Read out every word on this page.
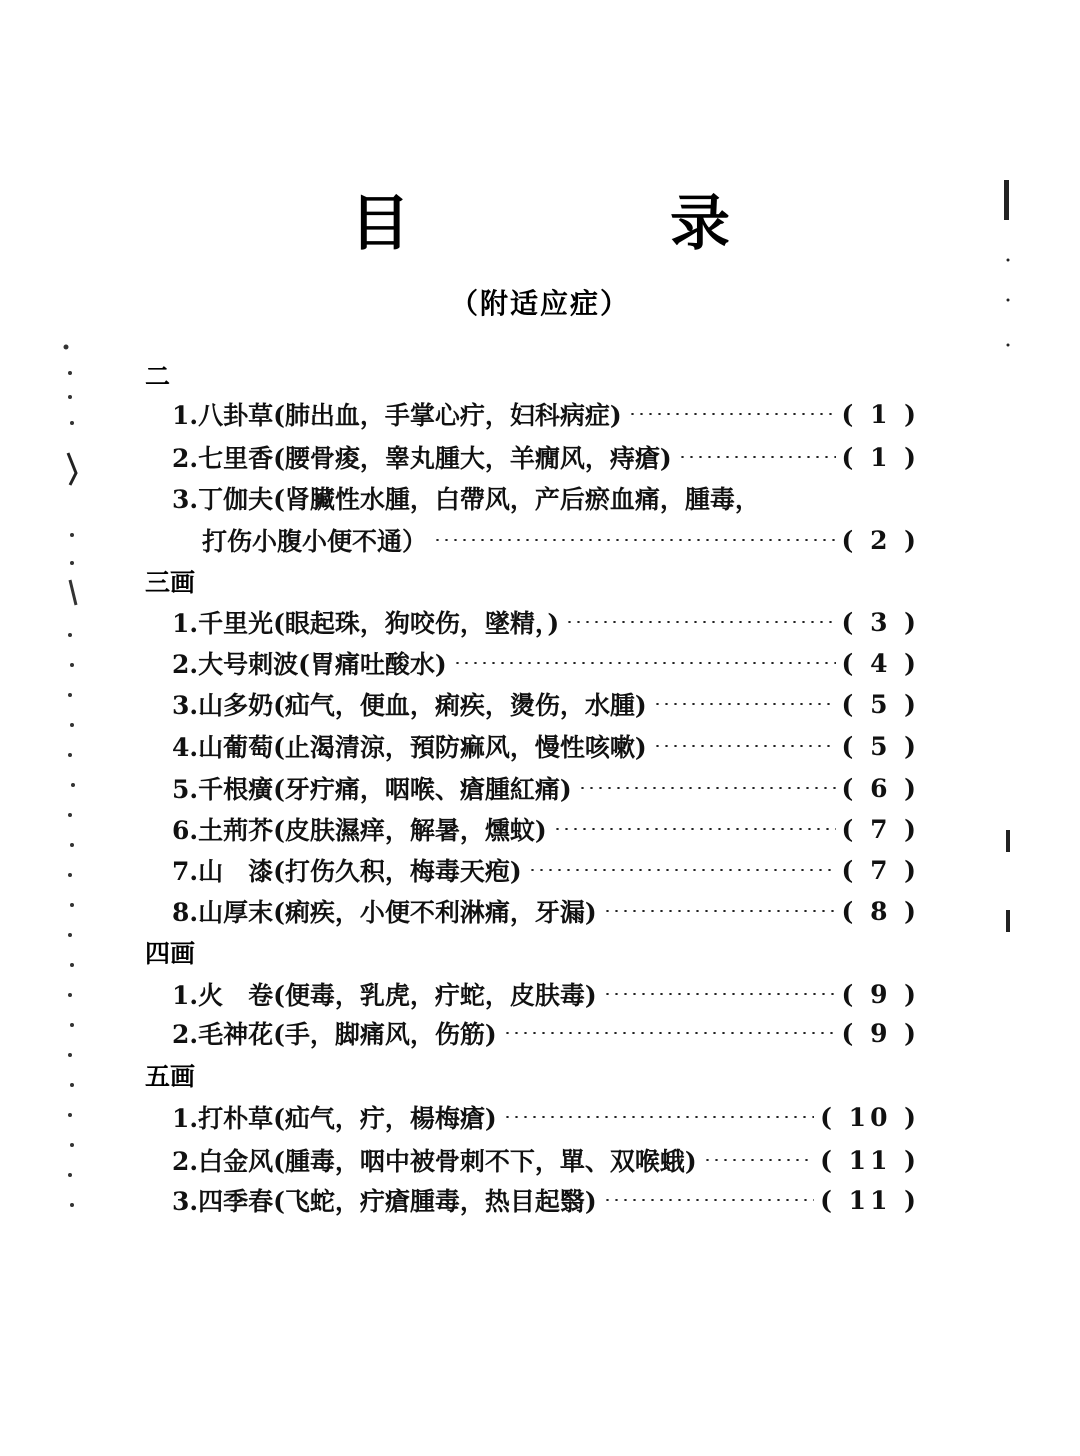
目　录
（附适应症）
二
1.八卦草(肺出血，手掌心疔，妇科病症)	( 1 )
2.七里香(腰骨痠，睾丸腫大，羊癇风，痔瘡)	( 1 )
3.丁伽夫(肾臟性水腫，白帶风，产后瘀血痛，腫毒，
打伤小腹小便不通）	( 2 )
三画
1.千里光(眼起珠，狗咬伤，墜精，)	( 3 )
2.大号刺波(胃痛吐酸水)	( 4 )
3.山多奶(疝气，便血，痢疾，燙伤，水腫)	( 5 )
4.山葡萄(止渴清涼，預防痲风，慢性咳嗽)	( 5 )
5.千根癀(牙疔痛，咽喉、瘡腫紅痛)	( 6 )
6.土荊芥(皮肤濕痒，解暑，燻蚊)	( 7 )
7.山　漆(打伤久积，梅毒天疱)	( 7 )
8.山厚末(痢疾，小便不利淋痛，牙漏)	( 8 )
四画
1.火　卷(便毒，乳虎，疔蛇，皮肤毒)	( 9 )
2.毛神花(手，脚痛风，伤筋)	( 9 )
五画
1.打朴草(疝气，疔，楊梅瘡)	( 10 )
2.白金风(腫毒，咽中被骨刺不下，單、双喉蛾)	( 11 )
3.四季春(飞蛇，疔瘡腫毒，热目起翳)	( 11 )
